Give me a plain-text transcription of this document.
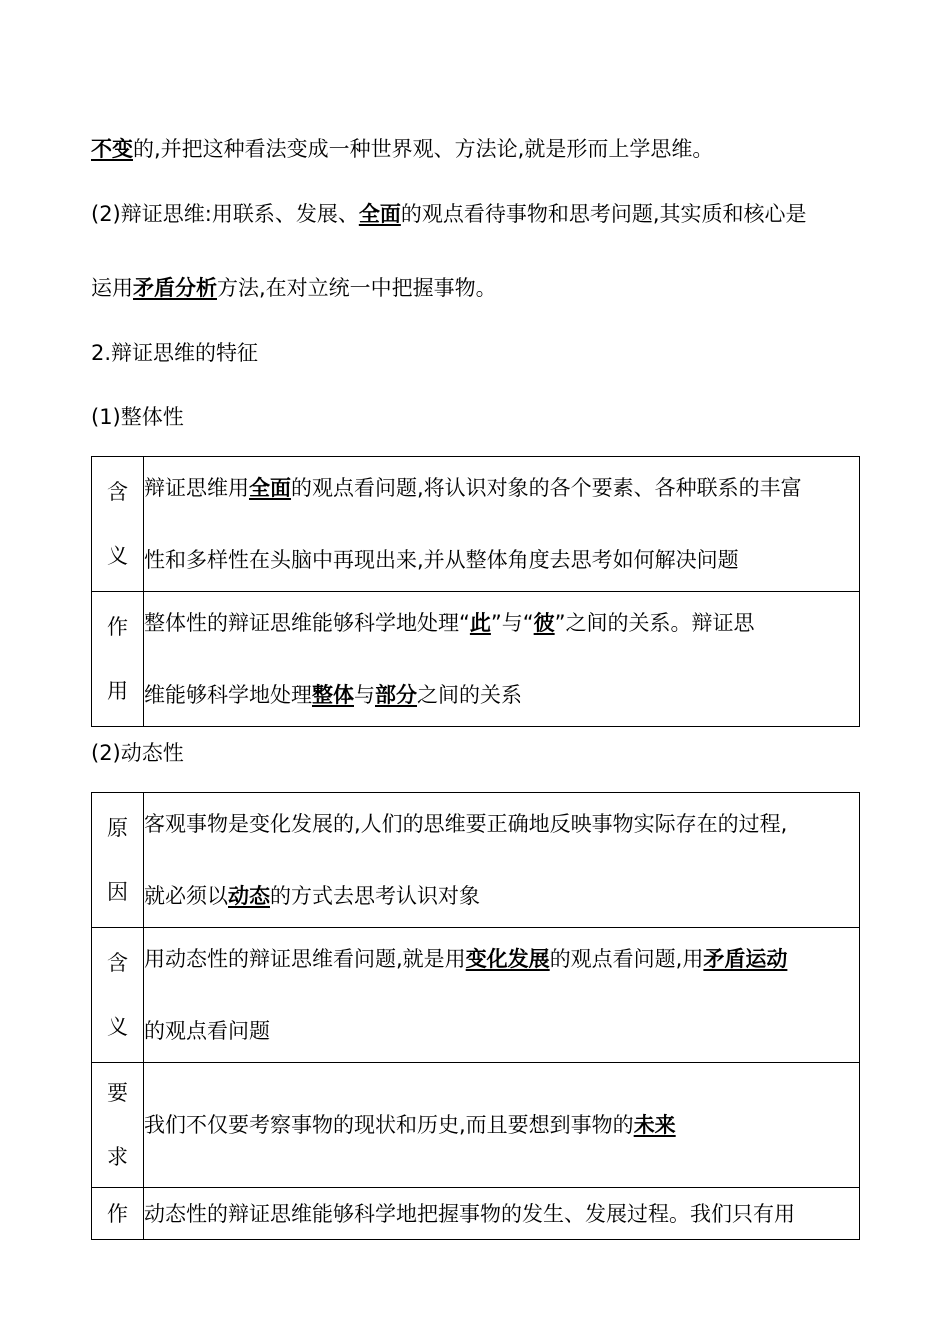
不变的,并把这种看法变成一种世界观、方法论,就是形而上学思维。
(2)辩证思维:用联系、发展、全面的观点看待事物和思考问题,其实质和核心是
运用矛盾分析方法,在对立统一中把握事物。
2.辩证思维的特征
(1)整体性
含
义	辩证思维用全面的观点看问题,将认识对象的各个要素、各种联系的丰富
性和多样性在头脑中再现出来,并从整体角度去思考如何解决问题

作
用	整体性的辩证思维能够科学地处理“此”与“彼”之间的关系。辩证思
维能够科学地处理整体与部分之间的关系
(2)动态性
原
因	客观事物是变化发展的,人们的思维要正确地反映事物实际存在的过程,
就必须以动态的方式去思考认识对象

含
义	用动态性的辩证思维看问题,就是用变化发展的观点看问题,用矛盾运动
的观点看问题

要
求	我们不仅要考察事物的现状和历史,而且要想到事物的未来

作	动态性的辩证思维能够科学地把握事物的发生、发展过程。我们只有用
